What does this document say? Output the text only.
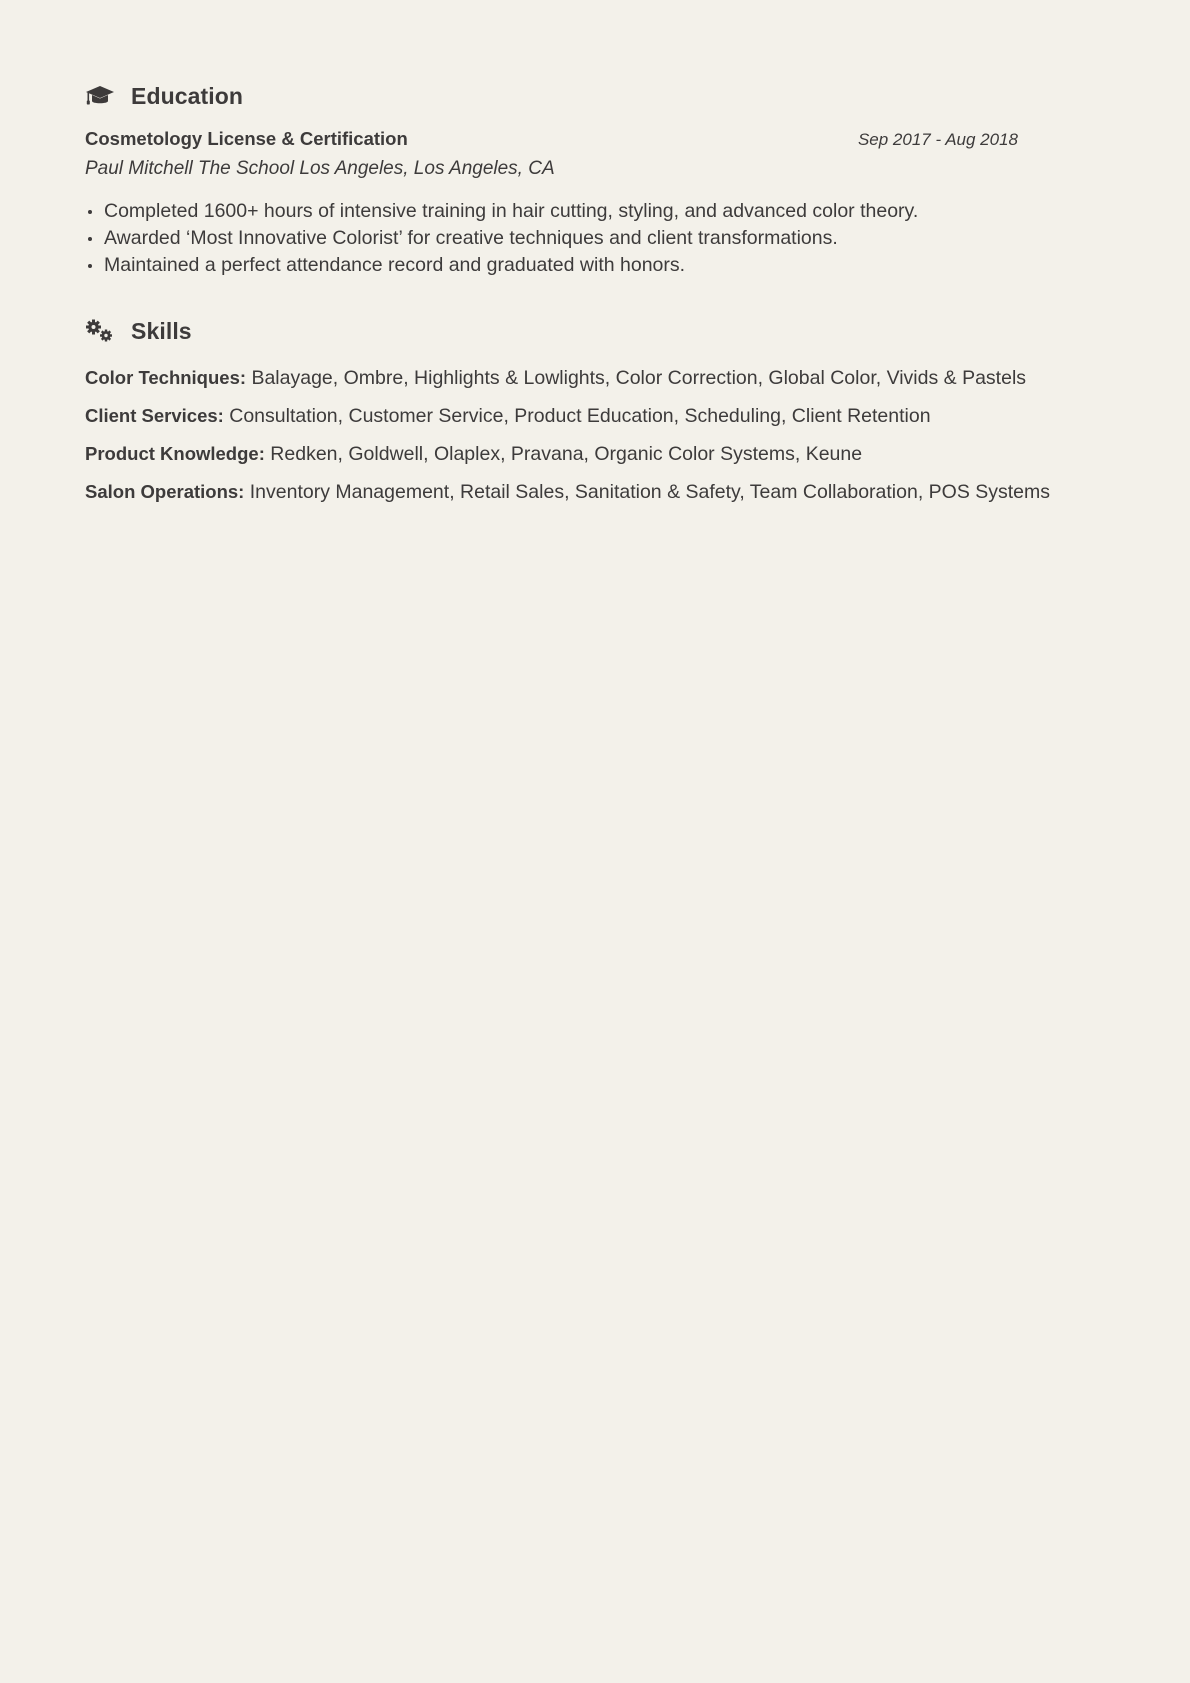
Education
Cosmetology License & Certification	Sep 2017 - Aug 2018
Paul Mitchell The School Los Angeles, Los Angeles, CA
Completed 1600+ hours of intensive training in hair cutting, styling, and advanced color theory.
Awarded ‘Most Innovative Colorist’ for creative techniques and client transformations.
Maintained a perfect attendance record and graduated with honors.
Skills
Color Techniques: Balayage, Ombre, Highlights & Lowlights, Color Correction, Global Color, Vivids & Pastels
Client Services: Consultation, Customer Service, Product Education, Scheduling, Client Retention
Product Knowledge: Redken, Goldwell, Olaplex, Pravana, Organic Color Systems, Keune
Salon Operations: Inventory Management, Retail Sales, Sanitation & Safety, Team Collaboration, POS Systems
